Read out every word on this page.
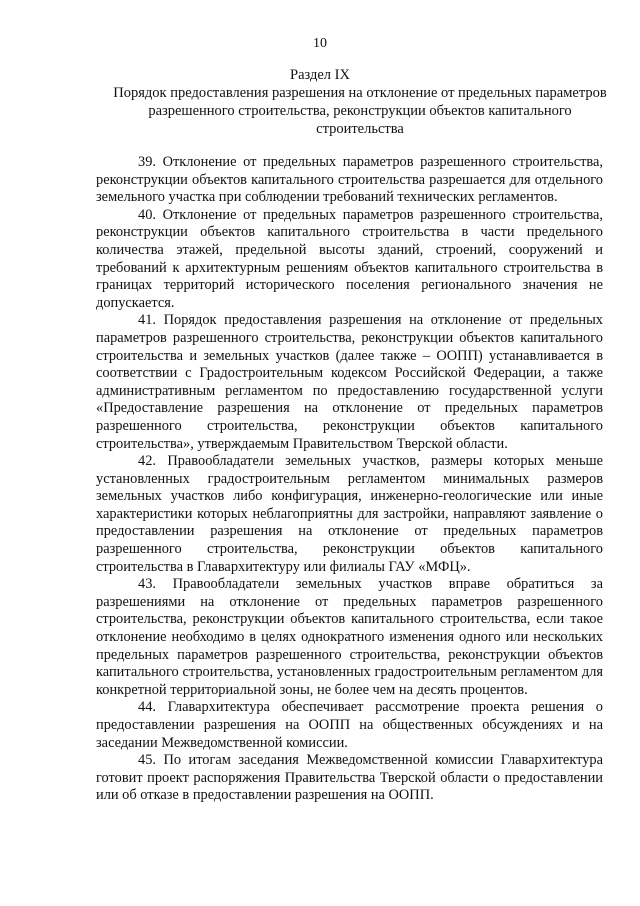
10
Раздел IX
Порядок предоставления разрешения на отклонение от предельных параметров разрешенного строительства, реконструкции объектов капитального строительства

39. Отклонение от предельных параметров разрешенного строительства, реконструкции объектов капитального строительства разрешается для отдельного земельного участка при соблюдении требований технических регламентов.

40. Отклонение от предельных параметров разрешенного строительства, реконструкции объектов капитального строительства в части предельного количества этажей, предельной высоты зданий, строений, сооружений и требований к архитектурным решениям объектов капитального строительства в границах территорий исторического поселения регионального значения не допускается.

41. Порядок предоставления разрешения на отклонение от предельных параметров разрешенного строительства, реконструкции объектов капитального строительства и земельных участков (далее также – ООПП) устанавливается в соответствии с Градостроительным кодексом Российской Федерации, а также административным регламентом по предоставлению государственной услуги «Предоставление разрешения на отклонение от предельных параметров разрешенного строительства, реконструкции объектов капитального строительства», утверждаемым Правительством Тверской области.

42. Правообладатели земельных участков, размеры которых меньше установленных градостроительным регламентом минимальных размеров земельных участков либо конфигурация, инженерно-геологические или иные характеристики которых неблагоприятны для застройки, направляют заявление о предоставлении разрешения на отклонение от предельных параметров разрешенного строительства, реконструкции объектов капитального строительства в Главархитектуру или филиалы ГАУ «МФЦ».

43. Правообладатели земельных участков вправе обратиться за разрешениями на отклонение от предельных параметров разрешенного строительства, реконструкции объектов капитального строительства, если такое отклонение необходимо в целях однократного изменения одного или нескольких предельных параметров разрешенного строительства, реконструкции объектов капитального строительства, установленных градостроительным регламентом для конкретной территориальной зоны, не более чем на десять процентов.

44. Главархитектура обеспечивает рассмотрение проекта решения о предоставлении разрешения на ООПП на общественных обсуждениях и на заседании Межведомственной комиссии.

45. По итогам заседания Межведомственной комиссии Главархитектура готовит проект распоряжения Правительства Тверской области о предоставлении или об отказе в предоставлении разрешения на ООПП.
